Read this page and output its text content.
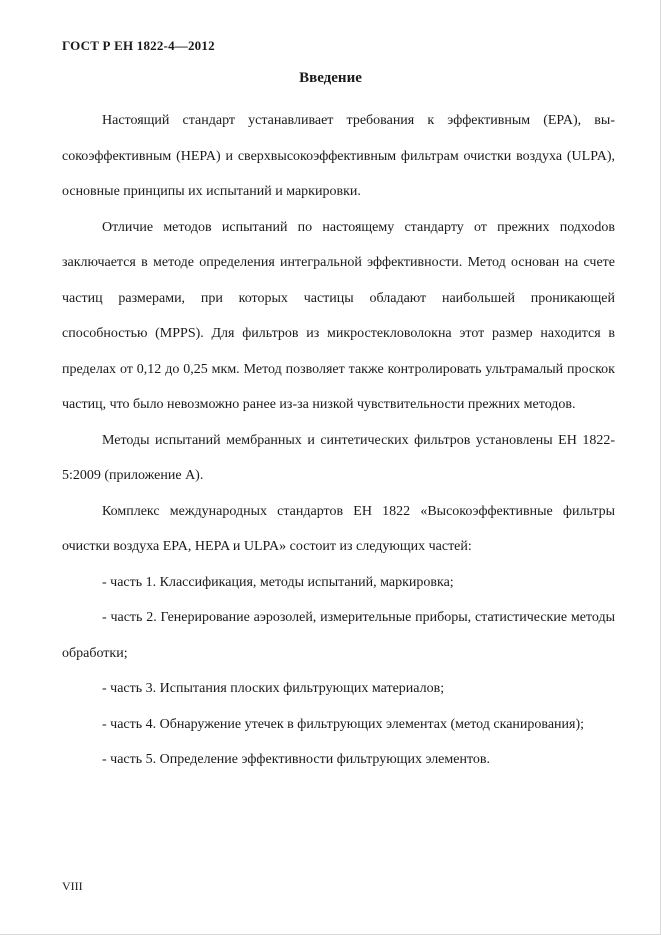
ГОСТ Р ЕН 1822-4—2012
Введение

Настоящий стандарт устанавливает требования к эффективным (EPA), высокоэффективным (HEPA) и сверхвысокоэффективным фильтрам очистки воздуха (ULPA), основные принципы их испытаний и маркировки.

Отличие методов испытаний по настоящему стандарту от прежних подхоdов заключается в методе определения интегральной эффективности. Метод основан на счете частиц размерами, при которых частицы обладают наибольшей проникающей способностью (MPPS). Для фильтров из микростекловолокна этот размер находится в пределах от 0,12 до 0,25 мкм. Метод позволяет также контролировать ультрамалый проскок частиц, что было невозможно ранее из-за низкой чувствительности прежних методов.

Методы испытаний мембранных и синтетических фильтров установлены ЕН 1822-5:2009 (приложение А).

Комплекс международных стандартов ЕН 1822 «Высокоэффективные фильтры очистки воздуха EPA, HEPA и ULPA» состоит из следующих частей:

- часть 1. Классификация, методы испытаний, маркировка;

- часть 2. Генерирование аэрозолей, измерительные приборы, статистические методы обработки;

- часть 3. Испытания плоских фильтрующих материалов;

- часть 4. Обнаружение утечек в фильтрующих элементах (метод сканирования);

- часть 5. Определение эффективности фильтрующих элементов.

VIII
